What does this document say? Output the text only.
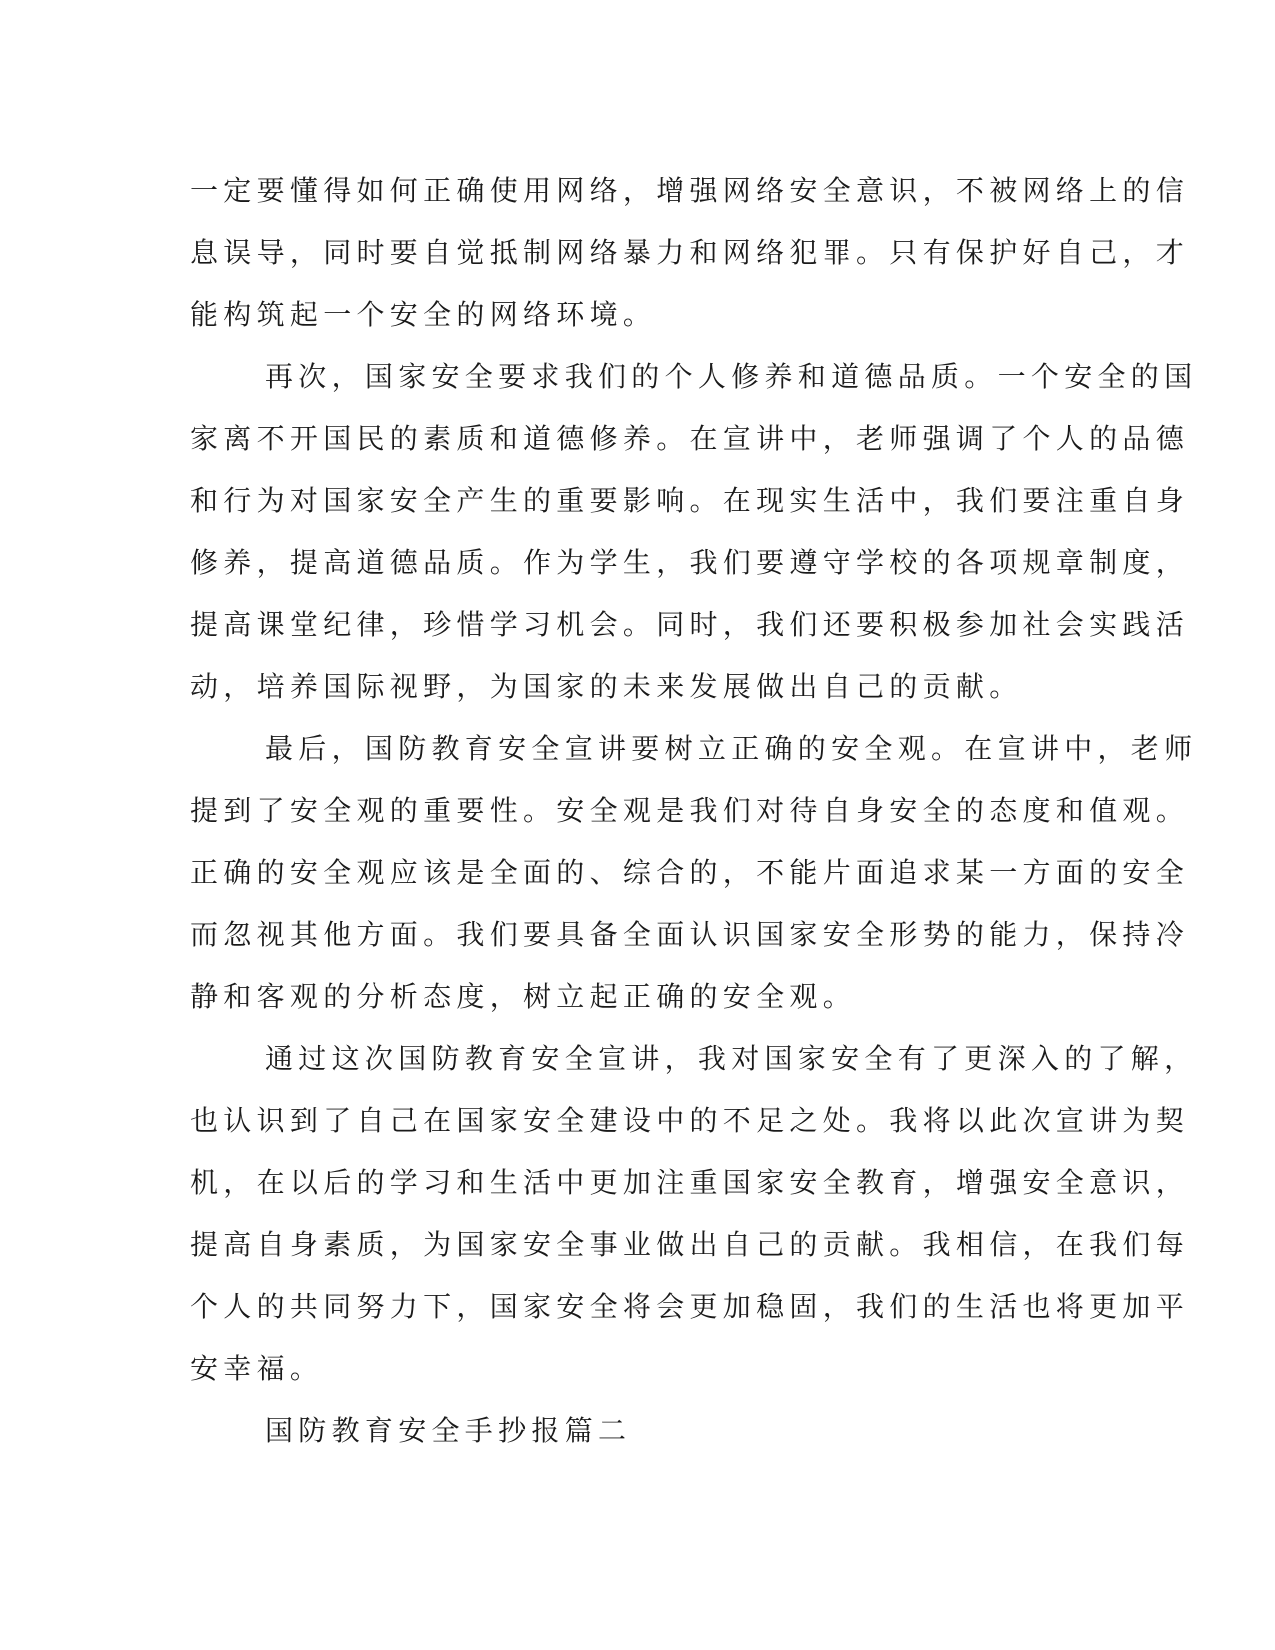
一定要懂得如何正确使用网络，增强网络安全意识，不被网络上的信
息误导，同时要自觉抵制网络暴力和网络犯罪。只有保护好自己，才
能构筑起一个安全的网络环境。

再次，国家安全要求我们的个人修养和道德品质。一个安全的国
家离不开国民的素质和道德修养。在宣讲中，老师强调了个人的品德
和行为对国家安全产生的重要影响。在现实生活中，我们要注重自身
修养，提高道德品质。作为学生，我们要遵守学校的各项规章制度，
提高课堂纪律，珍惜学习机会。同时，我们还要积极参加社会实践活
动，培养国际视野，为国家的未来发展做出自己的贡献。

最后，国防教育安全宣讲要树立正确的安全观。在宣讲中，老师
提到了安全观的重要性。安全观是我们对待自身安全的态度和值观。
正确的安全观应该是全面的、综合的，不能片面追求某一方面的安全
而忽视其他方面。我们要具备全面认识国家安全形势的能力，保持冷
静和客观的分析态度，树立起正确的安全观。

通过这次国防教育安全宣讲，我对国家安全有了更深入的了解，
也认识到了自己在国家安全建设中的不足之处。我将以此次宣讲为契
机，在以后的学习和生活中更加注重国家安全教育，增强安全意识，
提高自身素质，为国家安全事业做出自己的贡献。我相信，在我们每
个人的共同努力下，国家安全将会更加稳固，我们的生活也将更加平
安幸福。

国防教育安全手抄报篇二
